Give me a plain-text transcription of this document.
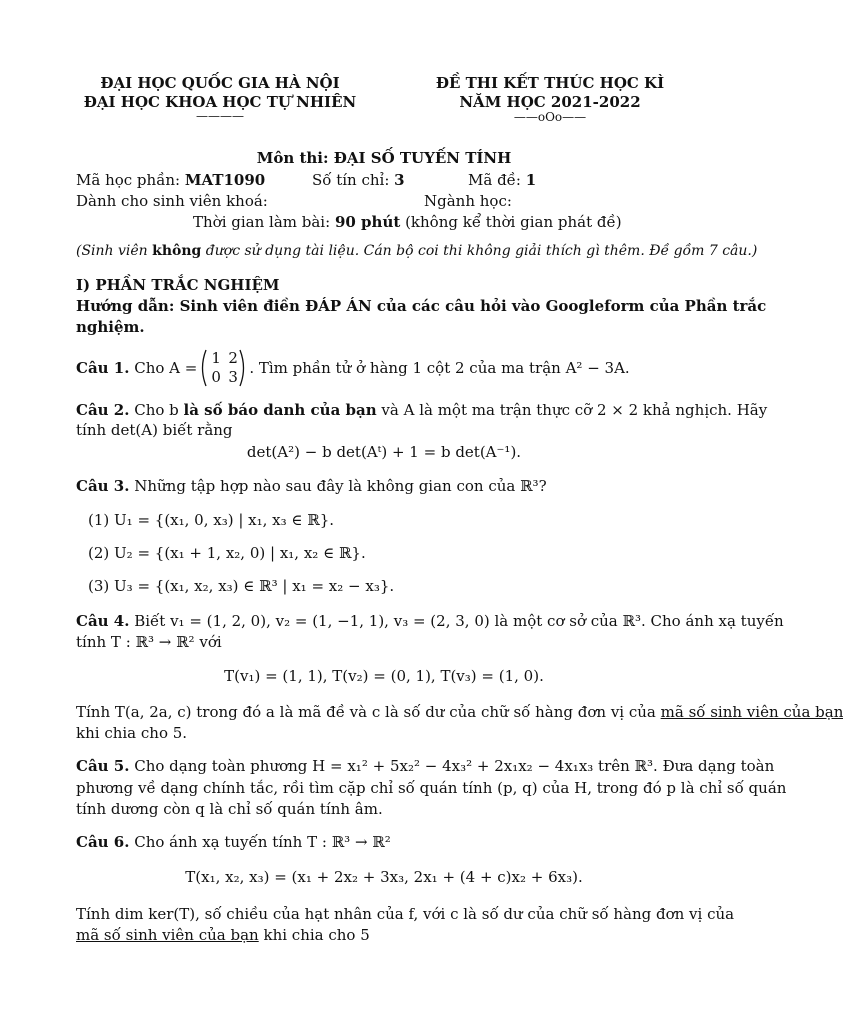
ĐẠI HỌC QUỐC GIA HÀ NỘI
ĐẠI HỌC KHOA HỌC TỰ NHIÊN
————
ĐỀ THI KẾT THÚC HỌC KÌ
NĂM HỌC 2021-2022
——oOo——
Môn thi: ĐẠI SỐ TUYẾN TÍNH
Mã học phần: MAT1090	Số tín chỉ: 3	Mã đề: 1
Dành cho sinh viên khoá:	Ngành học:
Thời gian làm bài: 90 phút (không kể thời gian phát đề)
(Sinh viên không được sử dụng tài liệu. Cán bộ coi thi không giải thích gì thêm. Đề gồm 7 câu.)
I) PHẦN TRẮC NGHIỆM
Hướng dẫn: Sinh viên điền ĐÁP ÁN của các câu hỏi vào Googleform của Phần trắc
nghiệm.
Câu 1.
Cho A =
1 2
0 3
. Tìm phần tử ở hàng 1 cột 2 của ma trận A² − 3A.
Câu 2. Cho b là số báo danh của bạn và A là một ma trận thực cỡ 2 × 2 khả nghịch. Hãy
tính det(A) biết rằng
det(A²) − b det(Aᵗ) + 1 = b det(A⁻¹).
Câu 3. Những tập hợp nào sau đây là không gian con của ℝ³?
(1) U₁ = {(x₁, 0, x₃) | x₁, x₃ ∈ ℝ}.
(2) U₂ = {(x₁ + 1, x₂, 0) | x₁, x₂ ∈ ℝ}.
(3) U₃ = {(x₁, x₂, x₃) ∈ ℝ³ | x₁ = x₂ − x₃}.
Câu 4. Biết v₁ = (1, 2, 0), v₂ = (1, −1, 1), v₃ = (2, 3, 0) là một cơ sở của ℝ³. Cho ánh xạ tuyến
tính T : ℝ³ → ℝ² với
T(v₁) = (1, 1), T(v₂) = (0, 1), T(v₃) = (1, 0).
Tính T(a, 2a, c) trong đó a là mã đề và c là số dư của chữ số hàng đơn vị của mã số sinh viên của bạn
khi chia cho 5.
Câu 5. Cho dạng toàn phương H = x₁² + 5x₂² − 4x₃² + 2x₁x₂ − 4x₁x₃ trên ℝ³. Đưa dạng toàn
phương về dạng chính tắc, rồi tìm cặp chỉ số quán tính (p, q) của H, trong đó p là chỉ số quán
tính dương còn q là chỉ số quán tính âm.
Câu 6. Cho ánh xạ tuyến tính T : ℝ³ → ℝ²
T(x₁, x₂, x₃) = (x₁ + 2x₂ + 3x₃, 2x₁ + (4 + c)x₂ + 6x₃).
Tính dim ker(T), số chiều của hạt nhân của f, với c là số dư của chữ số hàng đơn vị của
mã số sinh viên của bạn khi chia cho 5
